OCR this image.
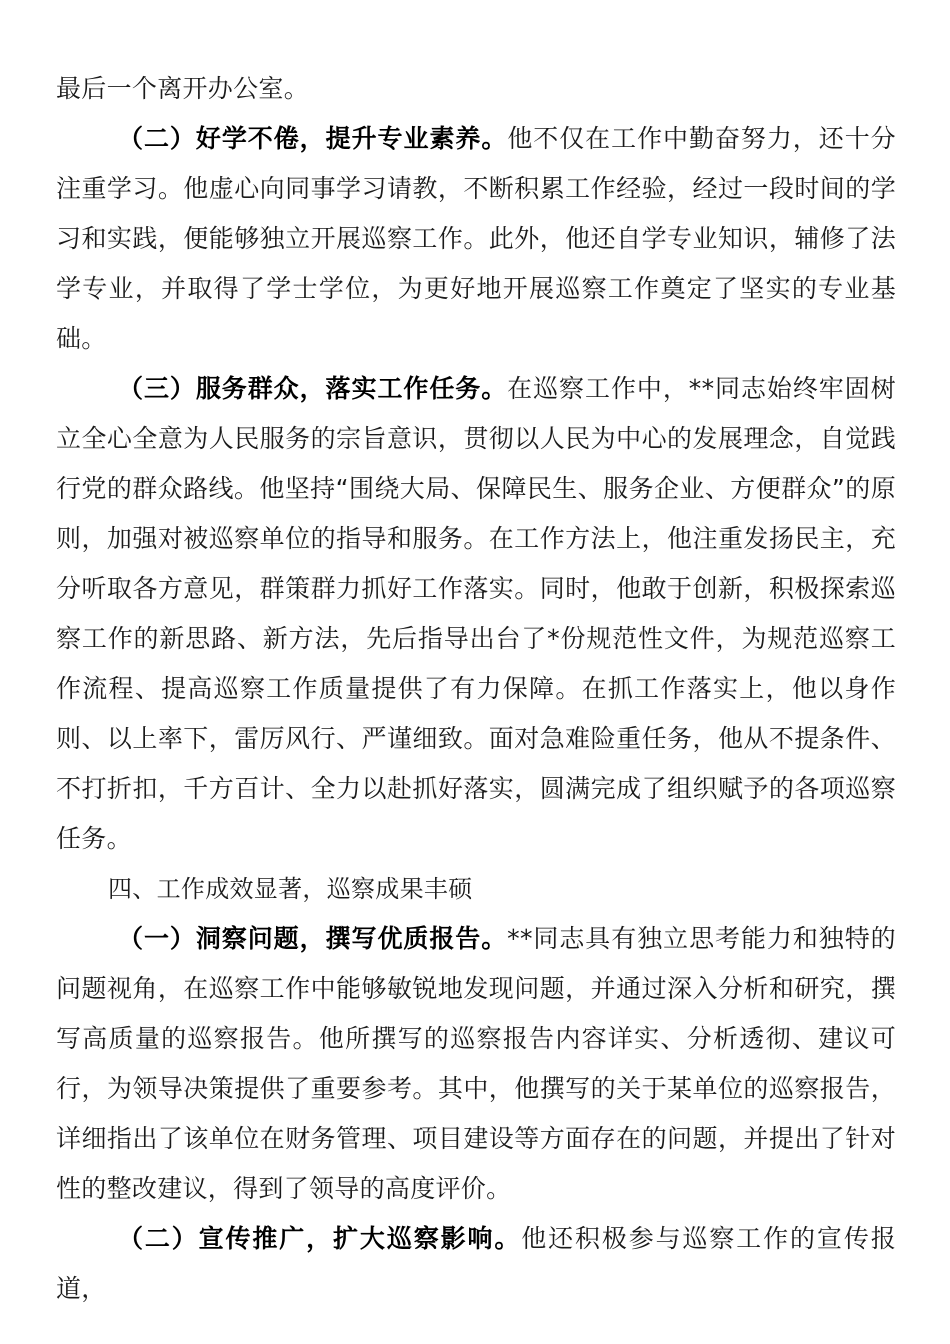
最后一个离开办公室。

（二）好学不倦，提升专业素养。他不仅在工作中勤奋努力，还十分注重学习。他虚心向同事学习请教，不断积累工作经验，经过一段时间的学习和实践，便能够独立开展巡察工作。此外，他还自学专业知识，辅修了法学专业，并取得了学士学位，为更好地开展巡察工作奠定了坚实的专业基础。

（三）服务群众，落实工作任务。在巡察工作中，**同志始终牢固树立全心全意为人民服务的宗旨意识，贯彻以人民为中心的发展理念，自觉践行党的群众路线。他坚持“围绕大局、保障民生、服务企业、方便群众”的原则，加强对被巡察单位的指导和服务。在工作方法上，他注重发扬民主，充分听取各方意见，群策群力抓好工作落实。同时，他敢于创新，积极探索巡察工作的新思路、新方法，先后指导出台了*份规范性文件，为规范巡察工作流程、提高巡察工作质量提供了有力保障。在抓工作落实上，他以身作则、以上率下，雷厉风行、严谨细致。面对急难险重任务，他从不提条件、不打折扣，千方百计、全力以赴抓好落实，圆满完成了组织赋予的各项巡察任务。

四、工作成效显著，巡察成果丰硕

（一）洞察问题，撰写优质报告。**同志具有独立思考能力和独特的问题视角，在巡察工作中能够敏锐地发现问题，并通过深入分析和研究，撰写高质量的巡察报告。他所撰写的巡察报告内容详实、分析透彻、建议可行，为领导决策提供了重要参考。其中，他撰写的关于某单位的巡察报告，详细指出了该单位在财务管理、项目建设等方面存在的问题，并提出了针对性的整改建议，得到了领导的高度评价。

（二）宣传推广，扩大巡察影响。他还积极参与巡察工作的宣传报道，
